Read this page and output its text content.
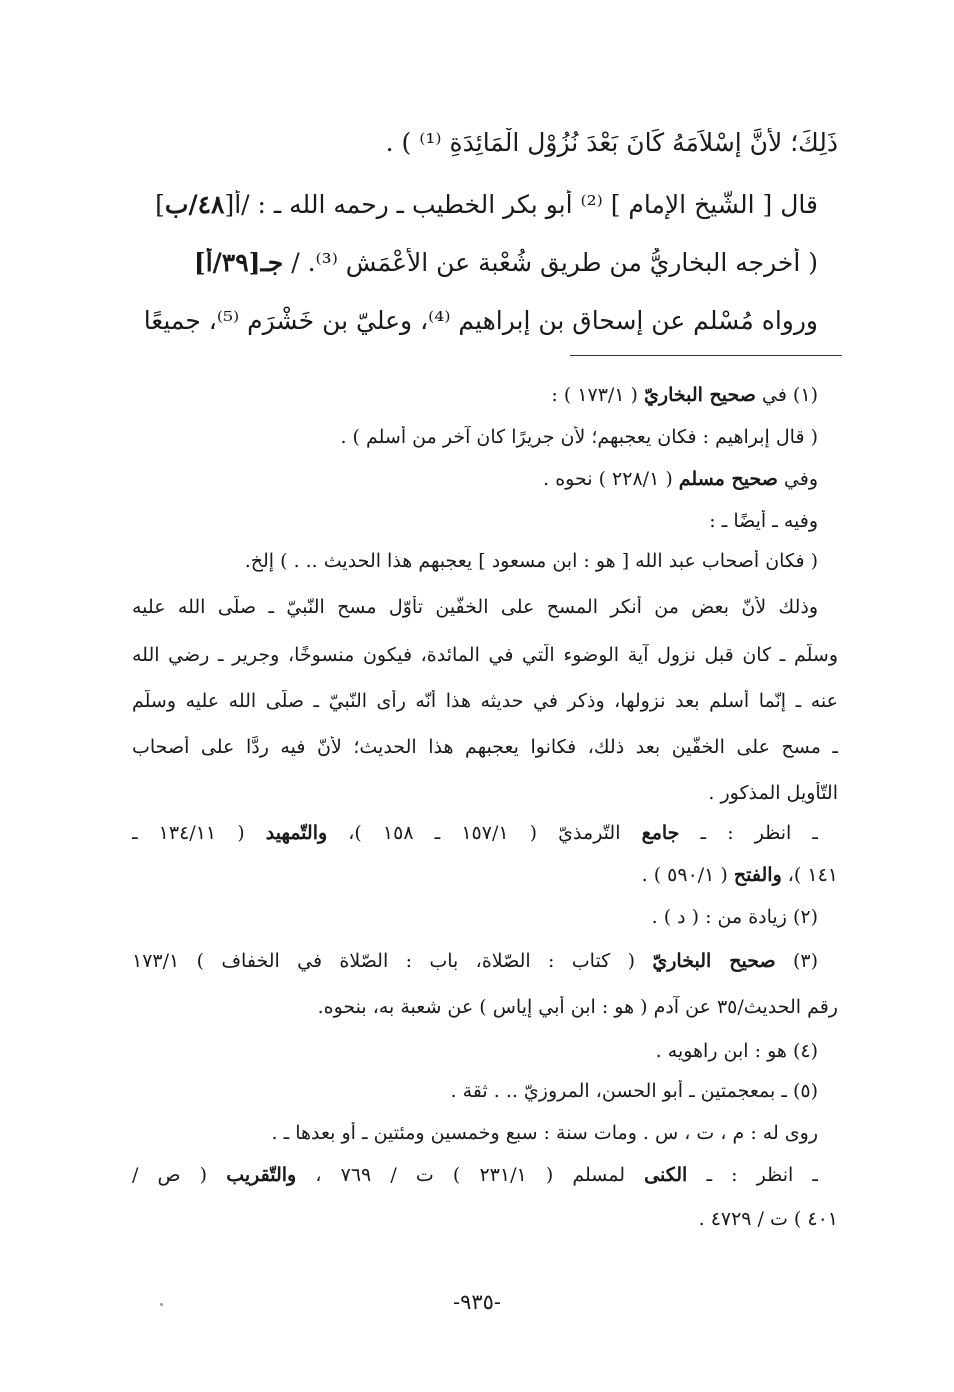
ذَلِكَ؛ لأَنَّ إِسْلاَمَهُ كَانَ بَعْدَ نُزُوْلِ الْمَائِدَةِ ⁽¹⁾ ) .
قال [ الشّيخ الإمام ] ⁽²⁾ أبو بكر الخطيب ـ رحمه الله ـ : /أ[٤٨/ب]
( أخرجه البخاريُّ من طريق شُعْبة عن الأعْمَش ⁽³⁾. / جـ[٣٩/أ]
ورواه مُسْلم عن إِسحاق بن إبراهيم ⁽⁴⁾، وعليّ بن خَشْرَم ⁽⁵⁾، جميعًا
(١) في صحيح البخاريّ ( ١٧٣/١ ) :
( قال إبراهيم : فكان يعجبهم؛ لأن جريرًا كان آخر من أسلم ) .
وفي صحيح مسلم ( ٢٢٨/١ ) نحوه .
وفيه ـ أيضًا ـ :
( فكان أصحاب عبد الله [ هو : ابن مسعود ] يعجبهم هذا الحديث .. . ) إلخ.
وذلك لأنّ بعض من أنكر المسح على الخفّين تأوّل مسح النّبيّ ـ صلّى الله عليه
وسلّم ـ كان قبل نزول آية الوضوء الّتي في المائدة، فيكون منسوخًا، وجرير ـ رضي الله
عنه ـ إنّما أسلم بعد نزولها، وذكر في حديثه هذا أنّه رأى النّبيّ ـ صلّى الله عليه وسلّم
ـ مسح على الخفّين بعد ذلك، فكانوا يعجبهم هذا الحديث؛ لأنّ فيه ردًّا على أصحاب
التّأويل المذكور .
ـ انظر : ـ جامع التّرمذيّ ( ١٥٧/١ ـ ١٥٨ )، والتّمهيد ( ١٣٤/١١ ـ
١٤١ )، والفتح ( ٥٩٠/١ ) .
(٢) زيادة من : ( د ) .
(٣) صحيح البخاريّ ( كتاب : الصّلاة، باب : الصّلاة في الخفاف ) ١٧٣/١
رقم الحديث/٣٥ عن آدم ( هو : ابن أبي إياس ) عن شعبة به، بنحوه.
(٤) هو : ابن راهويه .
(٥) ـ بمعجمتين ـ أبو الحسن، المروزيّ .. . ثقة .
روى له : م ، ت ، س . ومات سنة : سبع وخمسين ومئتين ـ أو بعدها ـ .
ـ انظر : ـ الكنى لمسلم ( ٢٣١/١ ) ت / ٧٦٩ ، والتّقريب ( ص /
٤٠١ ) ت / ٤٧٢٩ .
-٩٣٥-
